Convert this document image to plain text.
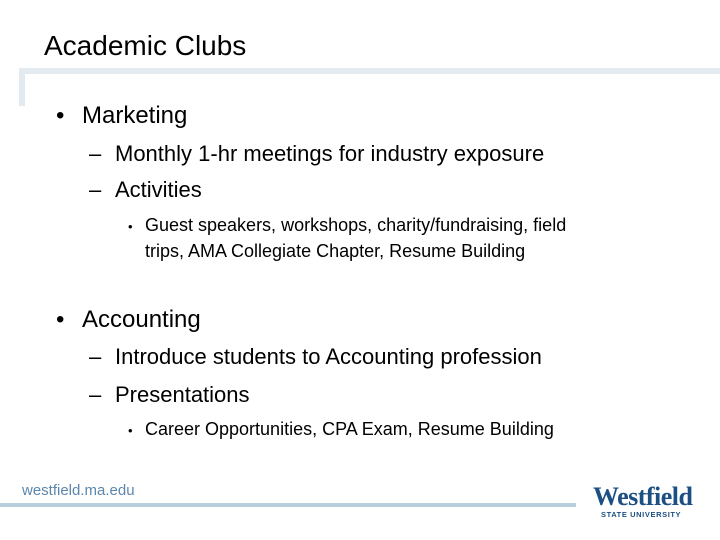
Academic Clubs
• Marketing
– Monthly 1-hr meetings for industry exposure
– Activities
• Guest speakers, workshops, charity/fundraising, field
trips, AMA Collegiate Chapter, Resume Building
• Accounting
– Introduce students to Accounting profession
– Presentations
• Career Opportunities, CPA Exam, Resume Building
westfield.ma.edu	Westfield
STATE UNIVERSITY
